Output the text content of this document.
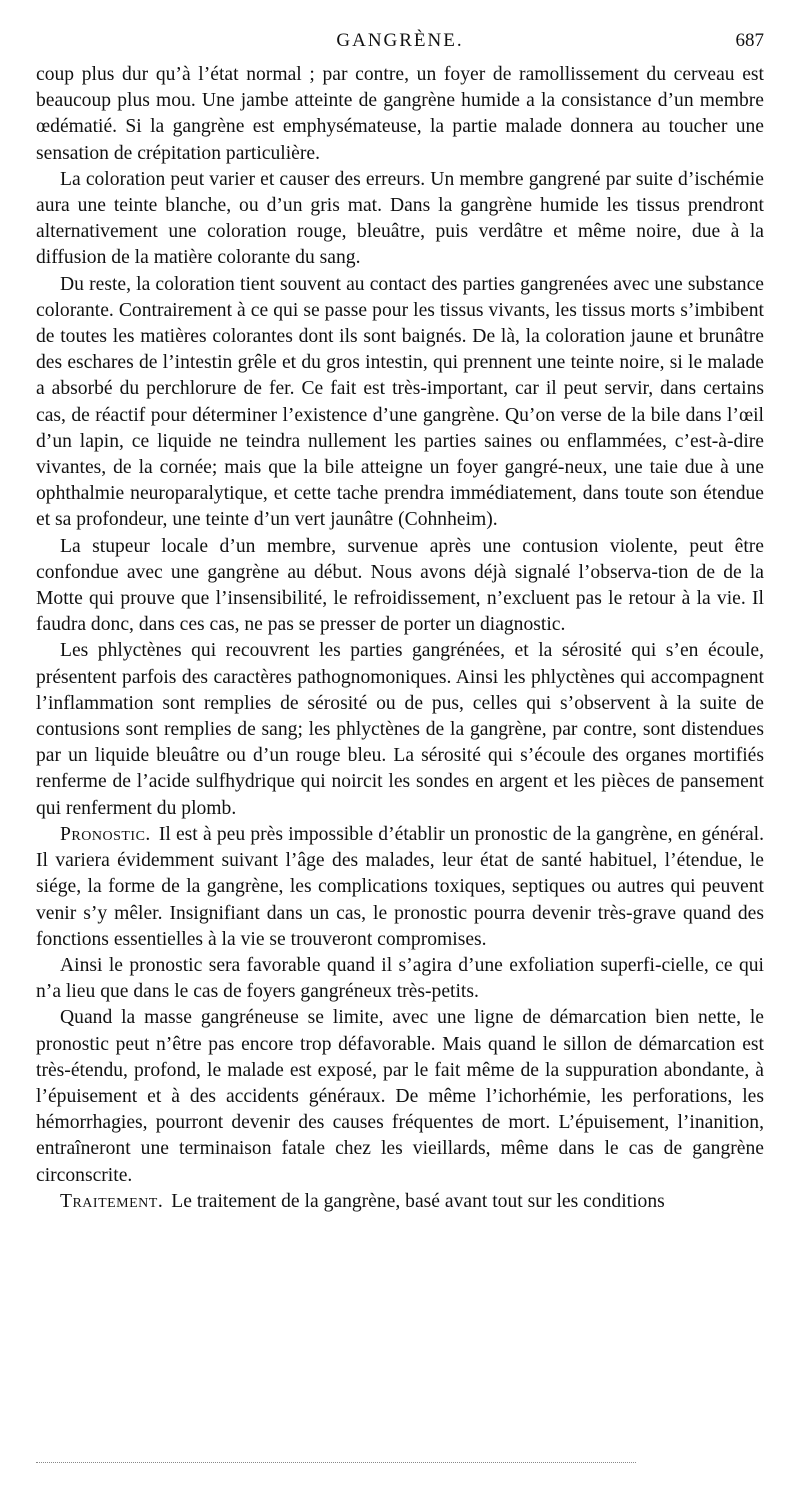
GANGRÈNE.	687

coup plus dur qu’à l’état normal ; par contre, un foyer de ramollissement du cerveau est beaucoup plus mou. Une jambe atteinte de gangrène humide a la consistance d’un membre œdématié. Si la gangrène est emphysémateuse, la partie malade donnera au toucher une sensation de crépitation particulière.

La coloration peut varier et causer des erreurs. Un membre gangrené par suite d’ischémie aura une teinte blanche, ou d’un gris mat. Dans la gangrène humide les tissus prendront alternativement une coloration rouge, bleuâtre, puis verdâtre et même noire, due à la diffusion de la matière colorante du sang.

Du reste, la coloration tient souvent au contact des parties gangrenées avec une substance colorante. Contrairement à ce qui se passe pour les tissus vivants, les tissus morts s’imbibent de toutes les matières colorantes dont ils sont baignés. De là, la coloration jaune et brunâtre des eschares de l’intestin grêle et du gros intestin, qui prennent une teinte noire, si le malade a absorbé du perchlorure de fer. Ce fait est très-important, car il peut servir, dans certains cas, de réactif pour déterminer l’existence d’une gangrène. Qu’on verse de la bile dans l’œil d’un lapin, ce liquide ne teindra nullement les parties saines ou enflammées, c’est-à-dire vivantes, de la cornée; mais que la bile atteigne un foyer gangré-neux, une taie due à une ophthalmie neuroparalytique, et cette tache prendra immédiatement, dans toute son étendue et sa profondeur, une teinte d’un vert jaunâtre (Cohnheim).

La stupeur locale d’un membre, survenue après une contusion violente, peut être confondue avec une gangrène au début. Nous avons déjà signalé l’observa-tion de de la Motte qui prouve que l’insensibilité, le refroidissement, n’excluent pas le retour à la vie. Il faudra donc, dans ces cas, ne pas se presser de porter un diagnostic.

Les phlyctènes qui recouvrent les parties gangrénées, et la sérosité qui s’en écoule, présentent parfois des caractères pathognomoniques. Ainsi les phlyctènes qui accompagnent l’inflammation sont remplies de sérosité ou de pus, celles qui s’observent à la suite de contusions sont remplies de sang; les phlyctènes de la gangrène, par contre, sont distendues par un liquide bleuâtre ou d’un rouge bleu. La sérosité qui s’écoule des organes mortifiés renferme de l’acide sulfhydrique qui noircit les sondes en argent et les pièces de pansement qui renferment du plomb.

Pronostic. Il est à peu près impossible d’établir un pronostic de la gangrène, en général. Il variera évidemment suivant l’âge des malades, leur état de santé habituel, l’étendue, le siége, la forme de la gangrène, les complications toxiques, septiques ou autres qui peuvent venir s’y mêler. Insignifiant dans un cas, le pronostic pourra devenir très-grave quand des fonctions essentielles à la vie se trouveront compromises.

Ainsi le pronostic sera favorable quand il s’agira d’une exfoliation superfi-cielle, ce qui n’a lieu que dans le cas de foyers gangréneux très-petits.

Quand la masse gangréneuse se limite, avec une ligne de démarcation bien nette, le pronostic peut n’être pas encore trop défavorable. Mais quand le sillon de démarcation est très-étendu, profond, le malade est exposé, par le fait même de la suppuration abondante, à l’épuisement et à des accidents généraux. De même l’ichorhémie, les perforations, les hémorrhagies, pourront devenir des causes fréquentes de mort. L’épuisement, l’inanition, entraîneront une terminaison fatale chez les vieillards, même dans le cas de gangrène circonscrite.

Traitement. Le traitement de la gangrène, basé avant tout sur les conditions
